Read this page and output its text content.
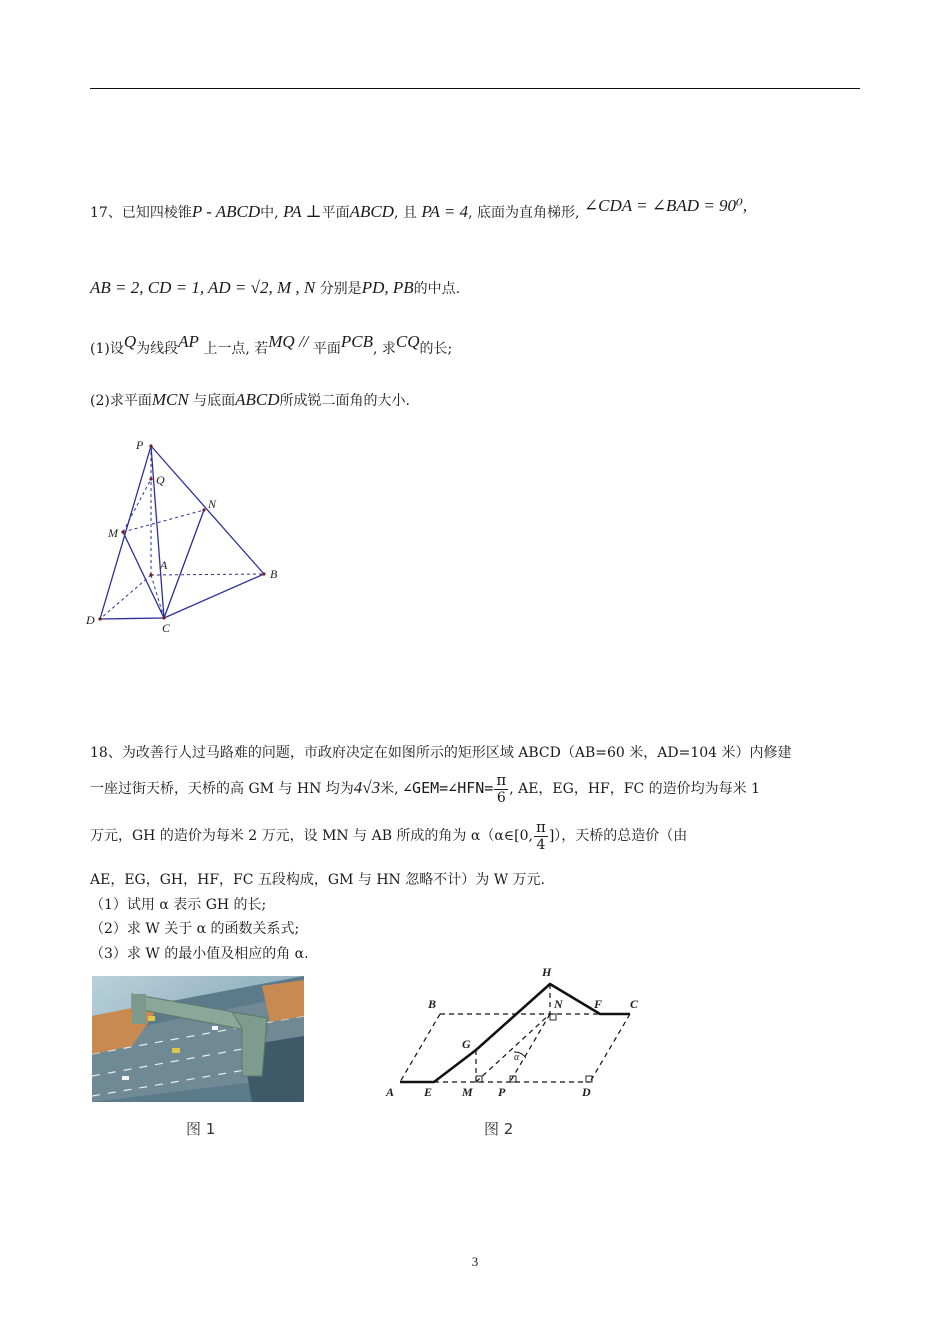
17、已知四棱锥P - ABCD中, PA ⊥平面ABCD, 且 PA = 4, 底面为直角梯形, ∠CDA = ∠BAD = 90⁰,
AB = 2, CD = 1, AD = √2, M , N 分别是PD, PB的中点.
(1)设Q为线段AP 上一点, 若MQ // 平面PCB, 求CQ的长;
(2)求平面MCN 与底面ABCD所成锐二面角的大小.
P
Q
N
M
A
B
D
C
18、为改善行人过马路难的问题，市政府决定在如图所示的矩形区域 ABCD（AB=60 米，AD=104 米）内修建
一座过街天桥，天桥的高 GM 与 HN 均为4√3米, ∠GEM=∠HFN= $\frac{\pi}{6}$ , AE，EG，HF，FC 的造价均为每米 1
万元，GH 的造价为每米 2 万元，设 MN 与 AB 所成的角为 α（α∈[0, $\frac{\pi}{4}$ ]），天桥的总造价（由
AE，EG，GH，HF，FC 五段构成，GM 与 HN 忽略不计）为 W 万元.
（1）试用 α 表示 GH 的长;
（2）求 W 关于 α 的函数关系式;
（3）求 W 的最小值及相应的角 α.
图 1
H
B	N	F C
G
α
A E M P	D
图 2
3
